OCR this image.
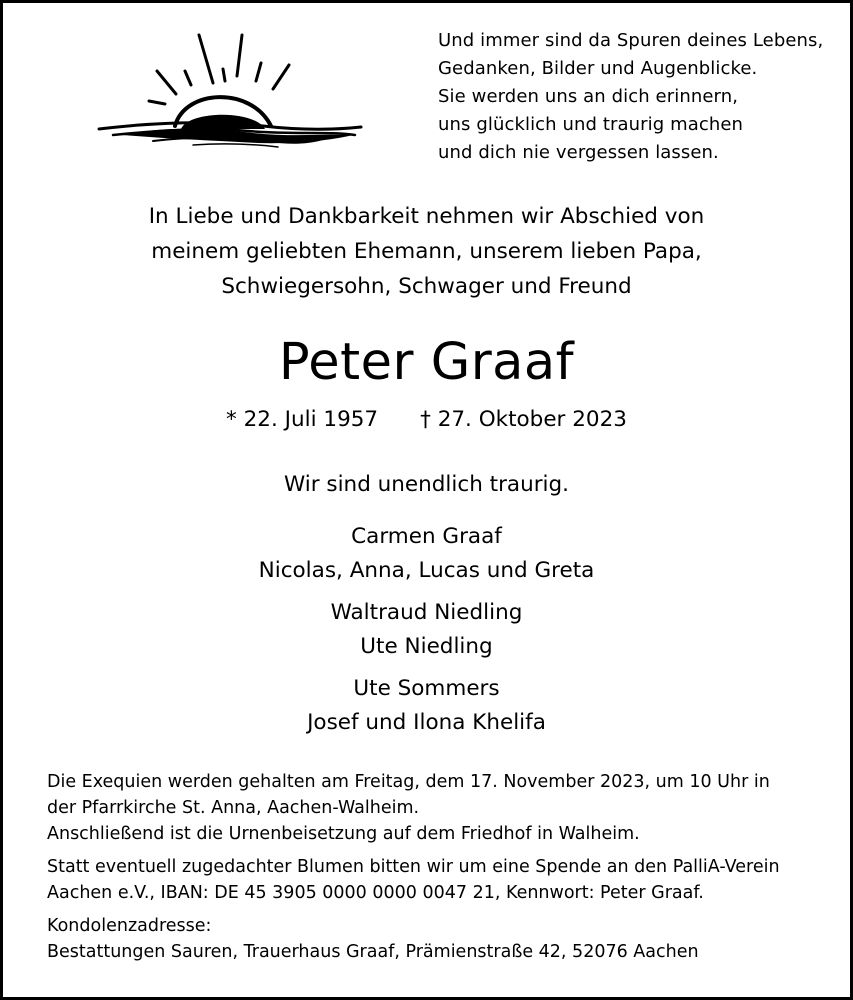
Und immer sind da Spuren deines Lebens,
Gedanken, Bilder und Augenblicke.
Sie werden uns an dich erinnern,
uns glücklich und traurig machen
und dich nie vergessen lassen.
In Liebe und Dankbarkeit nehmen wir Abschied von
meinem geliebten Ehemann, unserem lieben Papa,
Schwiegersohn, Schwager und Freund
Peter Graaf
* 22. Juli 1957 † 27. Oktober 2023
Wir sind unendlich traurig.
Carmen Graaf
Nicolas, Anna, Lucas und Greta
Waltraud Niedling
Ute Niedling
Ute Sommers
Josef und Ilona Khelifa
Die Exequien werden gehalten am Freitag, dem 17. November 2023, um 10 Uhr in
der Pfarrkirche St. Anna, Aachen-Walheim.
Anschließend ist die Urnenbeisetzung auf dem Friedhof in Walheim.
Statt eventuell zugedachter Blumen bitten wir um eine Spende an den PalliA-Verein
Aachen e.V., IBAN: DE 45 3905 0000 0000 0047 21, Kennwort: Peter Graaf.
Kondolenzadresse:
Bestattungen Sauren, Trauerhaus Graaf, Prämienstraße 42, 52076 Aachen
